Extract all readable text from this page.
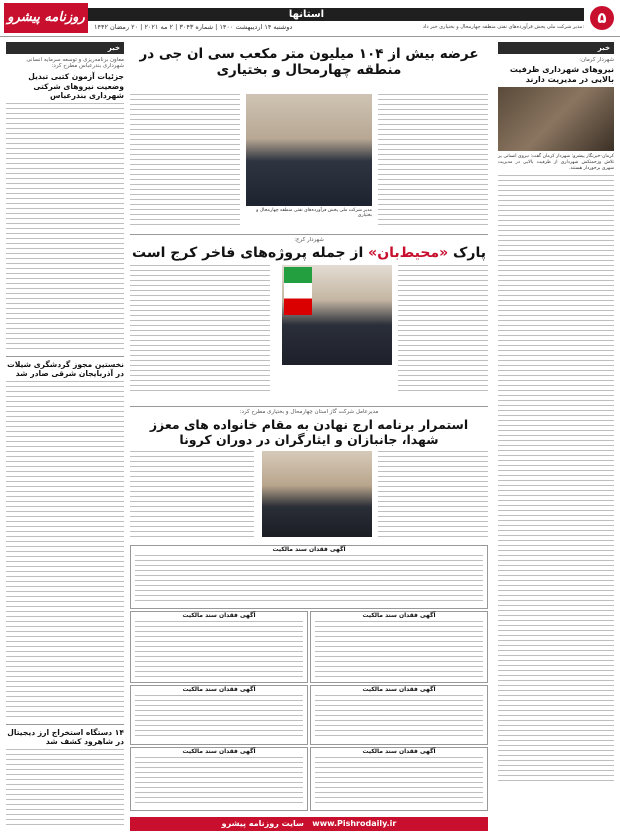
۵
استانها
روزنامه پیشرو
دوشنبه ۱۴ اردیبهشت ۱۴۰۰ | شماره ۳۰۴۳ | ۲ مه ۲۰۲۱ | ۲۰ رمضان ۱۴۴۲	مدیر شرکت ملی پخش فرآورده‌های نفتی منطقه چهارمحال و بختیاری خبر داد:
خبر
شهردار کرمان:
نیروهای شهرداری ظرفیت بالایی در مدیریت دارند
کرمان-خبرنگار پیشرو: شهردار کرمان گفت: نیروی انسانی پر تلاش وزحمتکش شهرداری از ظرفیت بالایی در مدیریت شهری برخوردار هستند.
خبر
معاون برنامه‌ریزی و توسعه سرمایه انسانی شهرداری بندرعباس مطرح کرد:
جزئیات آزمون کتبی تبدیل وضعیت نیروهای شرکتی شهرداری بندرعباس
نخستین مجوز گردشگری شیلات در آذربایجان شرقی صادر شد
۱۴ دستگاه استخراج ارز دیجیتال در شاهرود کشف شد
عرضه بیش از ۱۰۴ میلیون متر مکعب سی ان جی در منطقه چهارمحال و بختیاری
مدیر شرکت ملی پخش فرآورده‌های نفتی منطقه چهارمحال و بختیاری
شهردار کرج:
پارک «محیط‌بان» از جمله پروژه‌های فاخر کرج است
مدیرعامل شرکت گاز استان چهارمحال و بختیاری مطرح کرد:
استمرار برنامه ارج نهادن به مقام خانواده های معزز شهدا، جانبازان و ایثارگران در دوران کرونا
آگهی فقدان سند مالکیت
آگهی فقدان سند مالکیت
آگهی فقدان سند مالکیت
آگهی فقدان سند مالکیت
آگهی فقدان سند مالکیت
آگهی فقدان سند مالکیت
آگهی فقدان سند مالکیت
سایت روزنامه پیشرو www.Pishrodaily.ir
